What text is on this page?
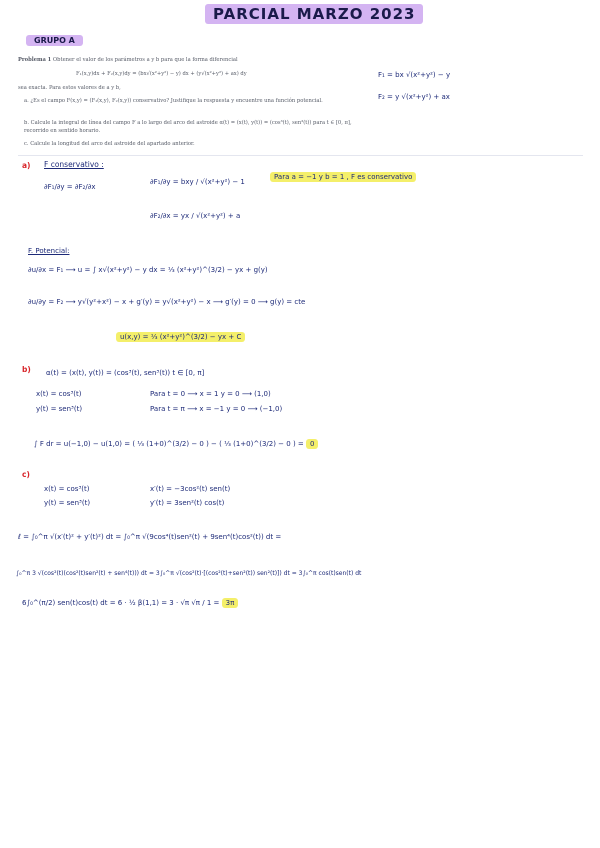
PARCIAL MARZO 2023
GRUPO A
Problema 1 Obtener el valor de los parámetros a y b para que la forma diferencial
F₁(x,y)dx + F₂(x,y)dy = (bx√(x²+y²) − y) dx + (y√(x²+y²) + ax) dy
sea exacta. Para estos valores de a y b,
a. ¿Es el campo F(x,y) = (F₁(x,y), F₂(x,y)) conservativo? Justifique la respuesta y encuentre una función potencial.
b. Calcule la integral de línea del campo F a lo largo del arco del astroide α(t) = (x(t), y(t)) = (cos³(t), sen³(t)) para t ∈ [0, π], recorrido en sentido horario.
c. Calcule la longitud del arco del astroide del apartado anterior.
F₁ = bx √(x²+y²) − y
F₂ = y √(x²+y²) + ax
a) F conservativo :
∂F₁/∂y = ∂F₂/∂x
∂F₁/∂y = bxy / √(x²+y²) − 1
∂F₂/∂x = yx / √(x²+y²) + a
Para a = −1 y b = 1 , F es conservativo
F. Potencial:
∂u/∂x = F₁ ⟶ u = ∫ x√(x²+y²) − y dx = ⅓ (x²+y²)^(3/2) − yx + g(y)
∂u/∂y = F₂ ⟶ y√(y²+x²) − x + g′(y) = y√(x²+y²) − x ⟶ g′(y) = 0 ⟶ g(y) = cte
u(x,y) = ⅓ (x²+y²)^(3/2) − yx + C
b) α(t) = (x(t), y(t)) = (cos³(t), sen³(t)) t ∈ [0, π]
x(t) = cos³(t)
y(t) = sen³(t)
Para t = 0 ⟶ x = 1 y = 0 ⟶ (1,0)
Para t = π ⟶ x = −1 y = 0 ⟶ (−1,0)
∫ F dr = u(−1,0) − u(1,0) = ( ⅓ (1+0)^(3/2) − 0 ) − ( ⅓ (1+0)^(3/2) − 0 ) = 0
c)
x(t) = cos³(t)
y(t) = sen³(t)
x′(t) = −3cos²(t) sen(t)
y′(t) = 3sen²(t) cos(t)
ℓ = ∫₀^π √(x′(t)² + y′(t)²) dt = ∫₀^π √(9cos⁴(t)sen²(t) + 9sen⁴(t)cos²(t)) dt =
∫₀^π 3 √(cos²(t)(cos²(t)sen²(t) + sen⁴(t))) dt = 3∫₀^π √(cos²(t)·[(cos²(t)+sen²(t)) sen²(t)]) dt = 3∫₀^π cos(t)sen(t) dt
6∫₀^(π/2) sen(t)cos(t) dt = 6 · ½ β(1,1) = 3 · √π √π / 1 = 3π
